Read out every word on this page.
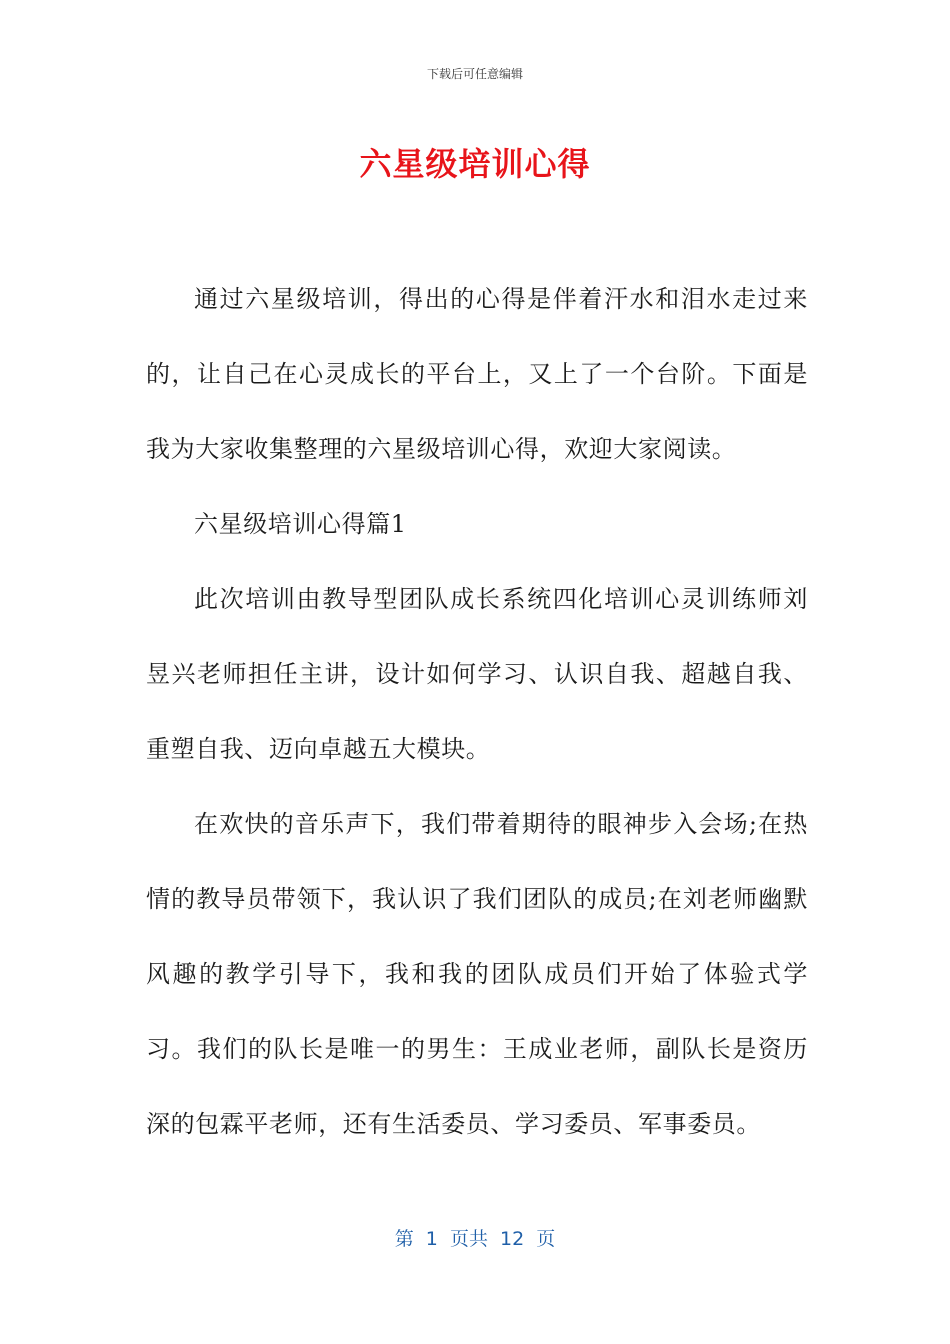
下载后可任意编辑
六星级培训心得

通过六星级培训，得出的心得是伴着汗水和泪水走过来的，让自己在心灵成长的平台上，又上了一个台阶。下面是我为大家收集整理的六星级培训心得，欢迎大家阅读。

六星级培训心得篇1

此次培训由教导型团队成长系统四化培训心灵训练师刘昱兴老师担任主讲，设计如何学习、认识自我、超越自我、重塑自我、迈向卓越五大模块。

在欢快的音乐声下，我们带着期待的眼神步入会场;在热情的教导员带领下，我认识了我们团队的成员;在刘老师幽默风趣的教学引导下，我和我的团队成员们开始了体验式学习。我们的队长是唯一的男生：王成业老师，副队长是资历深的包霖平老师，还有生活委员、学习委员、军事委员。

第  1  页共  12  页
